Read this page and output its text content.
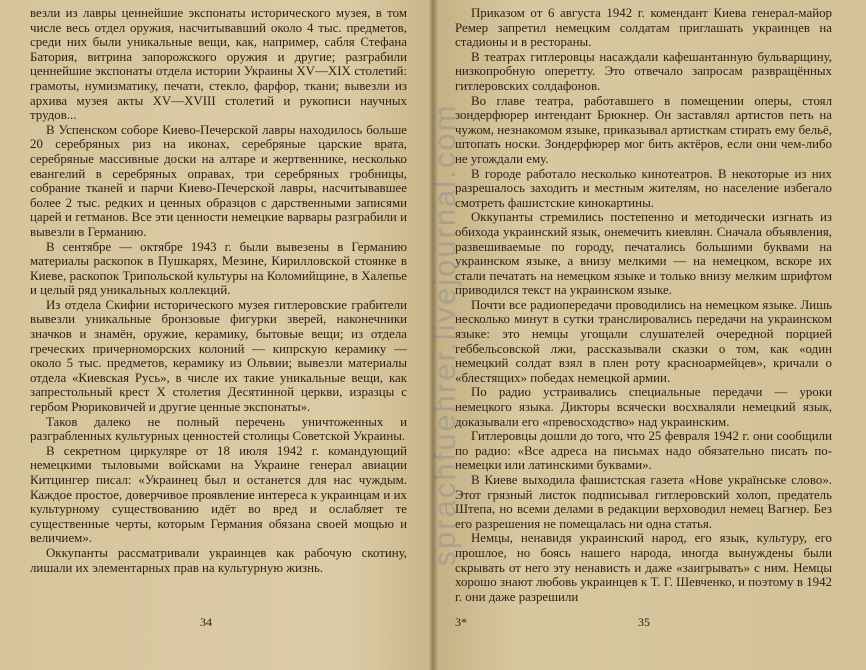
везли из лавры ценнейшие экспонаты исторического музея, в том числе весь отдел оружия, насчитывавший около 4 тыс. предметов, среди них были уникальные вещи, как, например, сабля Стефана Батория, витрина запорожского оружия и другие; разграбили ценнейшие экспонаты отдела истории Украины XV—XIX столетий: грамоты, нумизматику, печати, стекло, фарфор, ткани; вывезли из архива музея акты XV—XVIII столетий и рукописи научных трудов...

В Успенском соборе Киево-Печерской лавры находилось больше 20 серебряных риз на иконах, серебряные царские врата, серебряные массивные доски на алтаре и жертвеннике, несколько евангелий в серебряных оправах, три серебряных гробницы, собрание тканей и парчи Киево-Печерской лавры, насчитывавшее более 2 тыс. редких и ценных образцов с дарственными записями царей и гетманов. Все эти ценности немецкие варвары разграбили и вывезли в Германию.

В сентябре — октябре 1943 г. были вывезены в Германию материалы раскопок в Пушкарях, Мезине, Кирилловской стоянке в Киеве, раскопок Трипольской культуры на Коломийщине, в Халепье и целый ряд уникальных коллекций.

Из отдела Скифии исторического музея гитлеровские грабители вывезли уникальные бронзовые фигурки зверей, наконечники значков и знамён, оружие, керамику, бытовые вещи; из отдела греческих причерноморских колоний — кипрскую керамику — около 5 тыс. предметов, керамику из Ольвии; вывезли материалы отдела «Киевская Русь», в числе их такие уникальные вещи, как запрестольный крест X столетия Десятинной церкви, изразцы с гербом Рюриковичей и другие ценные экспонаты».

Таков далеко не полный перечень уничтоженных и разграбленных культурных ценностей столицы Советской Украины.

В секретном циркуляре от 18 июля 1942 г. командующий немецкими тыловыми войсками на Украине генерал авиации Китцингер писал: «Украинец был и останется для нас чуждым. Каждое простое, доверчивое проявление интереса к украинцам и их культурному существованию идёт во вред и ослабляет те существенные черты, которым Германия обязана своей мощью и величием».

Оккупанты рассматривали украинцев как рабочую скотину, лишали их элементарных прав на культурную жизнь.

34

Приказом от 6 августа 1942 г. комендант Киева генерал-майор Ремер запретил немецким солдатам приглашать украинцев на стадионы и в рестораны.

В театрах гитлеровцы насаждали кафешантанную бульварщину, низкопробную оперетту. Это отвечало запросам развращённых гитлеровских солдафонов.

Во главе театра, работавшего в помещении оперы, стоял зондерфюрер интендант Брюкнер. Он заставлял артистов петь на чужом, незнакомом языке, приказывал артисткам стирать ему бельё, штопать носки. Зондерфюрер мог бить актёров, если они чем-либо не угождали ему.

В городе работало несколько кинотеатров. В некоторые из них разрешалось заходить и местным жителям, но население избегало смотреть фашистские кинокартины.

Оккупанты стремились постепенно и методически изгнать из обихода украинский язык, онемечить киевлян. Сначала объявления, развешиваемые по городу, печатались большими буквами на украинском языке, а внизу мелкими — на немецком, вскоре их стали печатать на немецком языке и только внизу мелким шрифтом приводился текст на украинском языке.

Почти все радиопередачи проводились на немецком языке. Лишь несколько минут в сутки транслировались передачи на украинском языке: это немцы угощали слушателей очередной порцией геббельсовской лжи, рассказывали сказки о том, как «один немецкий солдат взял в плен роту красноармейцев», кричали о «блестящих» победах немецкой армии.

По радио устраивались специальные передачи — уроки немецкого языка. Дикторы всячески восхваляли немецкий язык, доказывали его «превосходство» над украинским.

Гитлеровцы дошли до того, что 25 февраля 1942 г. они сообщили по радио: «Все адреса на письмах надо обязательно писать по-немецки или латинскими буквами».

В Киеве выходила фашистская газета «Нове українське слово». Этот грязный листок подписывал гитлеровский холоп, предатель Штепа, но всеми делами в редакции верховодил немец Вагнер. Без его разрешения не помещалась ни одна статья.

Немцы, ненавидя украинский народ, его язык, культуру, его прошлое, но боясь нашего народа, иногда вынуждены были скрывать от него эту ненависть и даже «заигрывать» с ним. Немцы хорошо знают любовь украинцев к Т. Г. Шевченко, и поэтому в 1942 г. они даже разрешили

3*	35
sprachfuehrer.livejournal.com
